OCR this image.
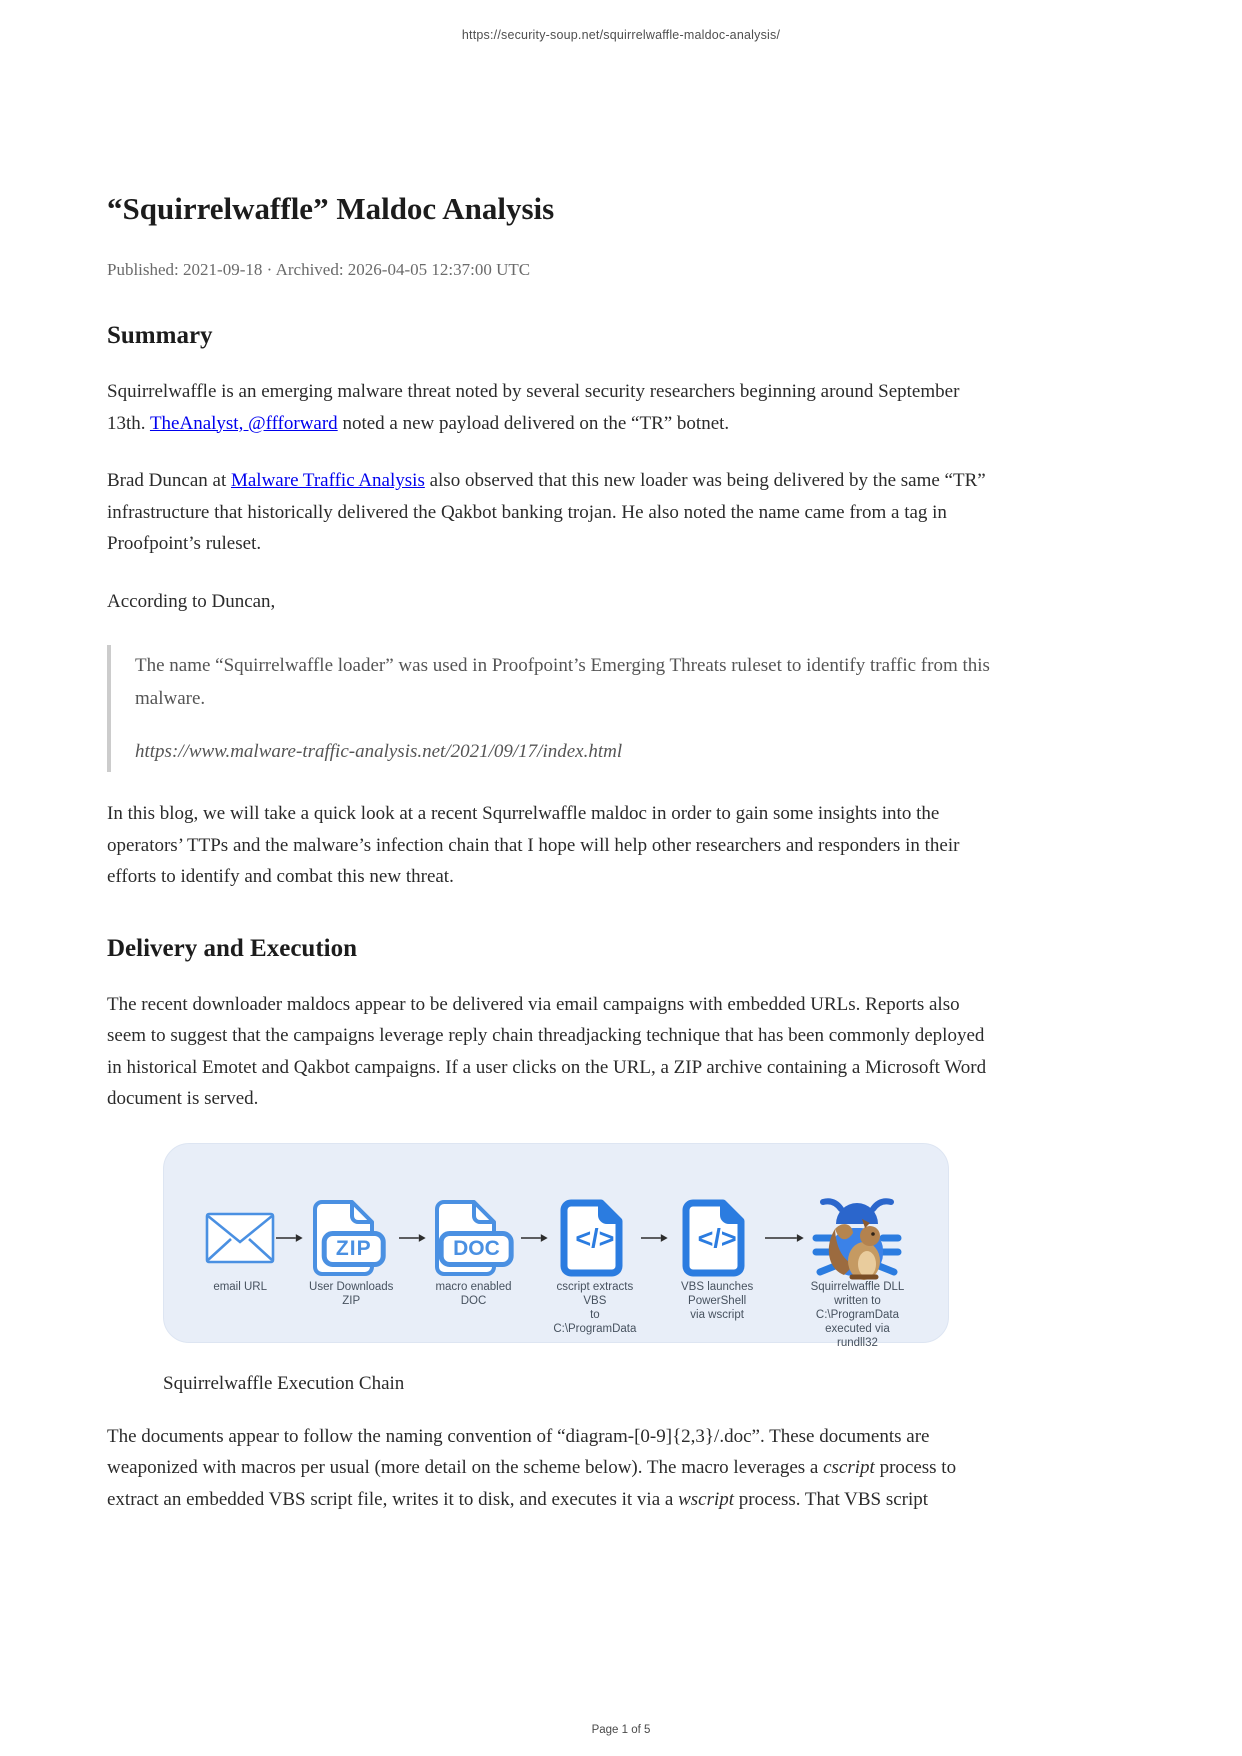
https://security-soup.net/squirrelwaffle-maldoc-analysis/
“Squirrelwaffle” Maldoc Analysis
Published: 2021-09-18 · Archived: 2026-04-05 12:37:00 UTC
Summary

Squirrelwaffle is an emerging malware threat noted by several security researchers beginning around September 13th. TheAnalyst, @ffforward noted a new payload delivered on the “TR” botnet.

Brad Duncan at Malware Traffic Analysis also observed that this new loader was being delivered by the same “TR” infrastructure that historically delivered the Qakbot banking trojan. He also noted the name came from a tag in Proofpoint’s ruleset.

According to Duncan,

The name “Squirrelwaffle loader” was used in Proofpoint’s Emerging Threats ruleset to identify traffic from this malware.

https://www.malware-traffic-analysis.net/2021/09/17/index.html

In this blog, we will take a quick look at a recent Squrrelwaffle maldoc in order to gain some insights into the operators’ TTPs and the malware’s infection chain that I hope will help other researchers and responders in their efforts to identify and combat this new threat.

Delivery and Execution

The recent downloader maldocs appear to be delivered via email campaigns with embedded URLs. Reports also seem to suggest that the campaigns leverage reply chain threadjacking technique that has been commonly deployed in historical Emotet and Qakbot campaigns. If a user clicks on the URL, a ZIP archive containing a Microsoft Word document is served.

email URL
ZIP
User Downloads ZIP
DOC
macro enabled DOC
</>
cscript extracts VBS
to C:\ProgramData
</>
VBS launches PowerShell
via wscript
Squirrelwaffle DLL
written to C:\ProgramData
executed via rundll32
Squirrelwaffle Execution Chain

The documents appear to follow the naming convention of “diagram-[0-9]{2,3}/.doc”. These documents are weaponized with macros per usual (more detail on the scheme below). The macro leverages a cscript process to extract an embedded VBS script file, writes it to disk, and executes it via a wscript process. That VBS script

Page 1 of 5
